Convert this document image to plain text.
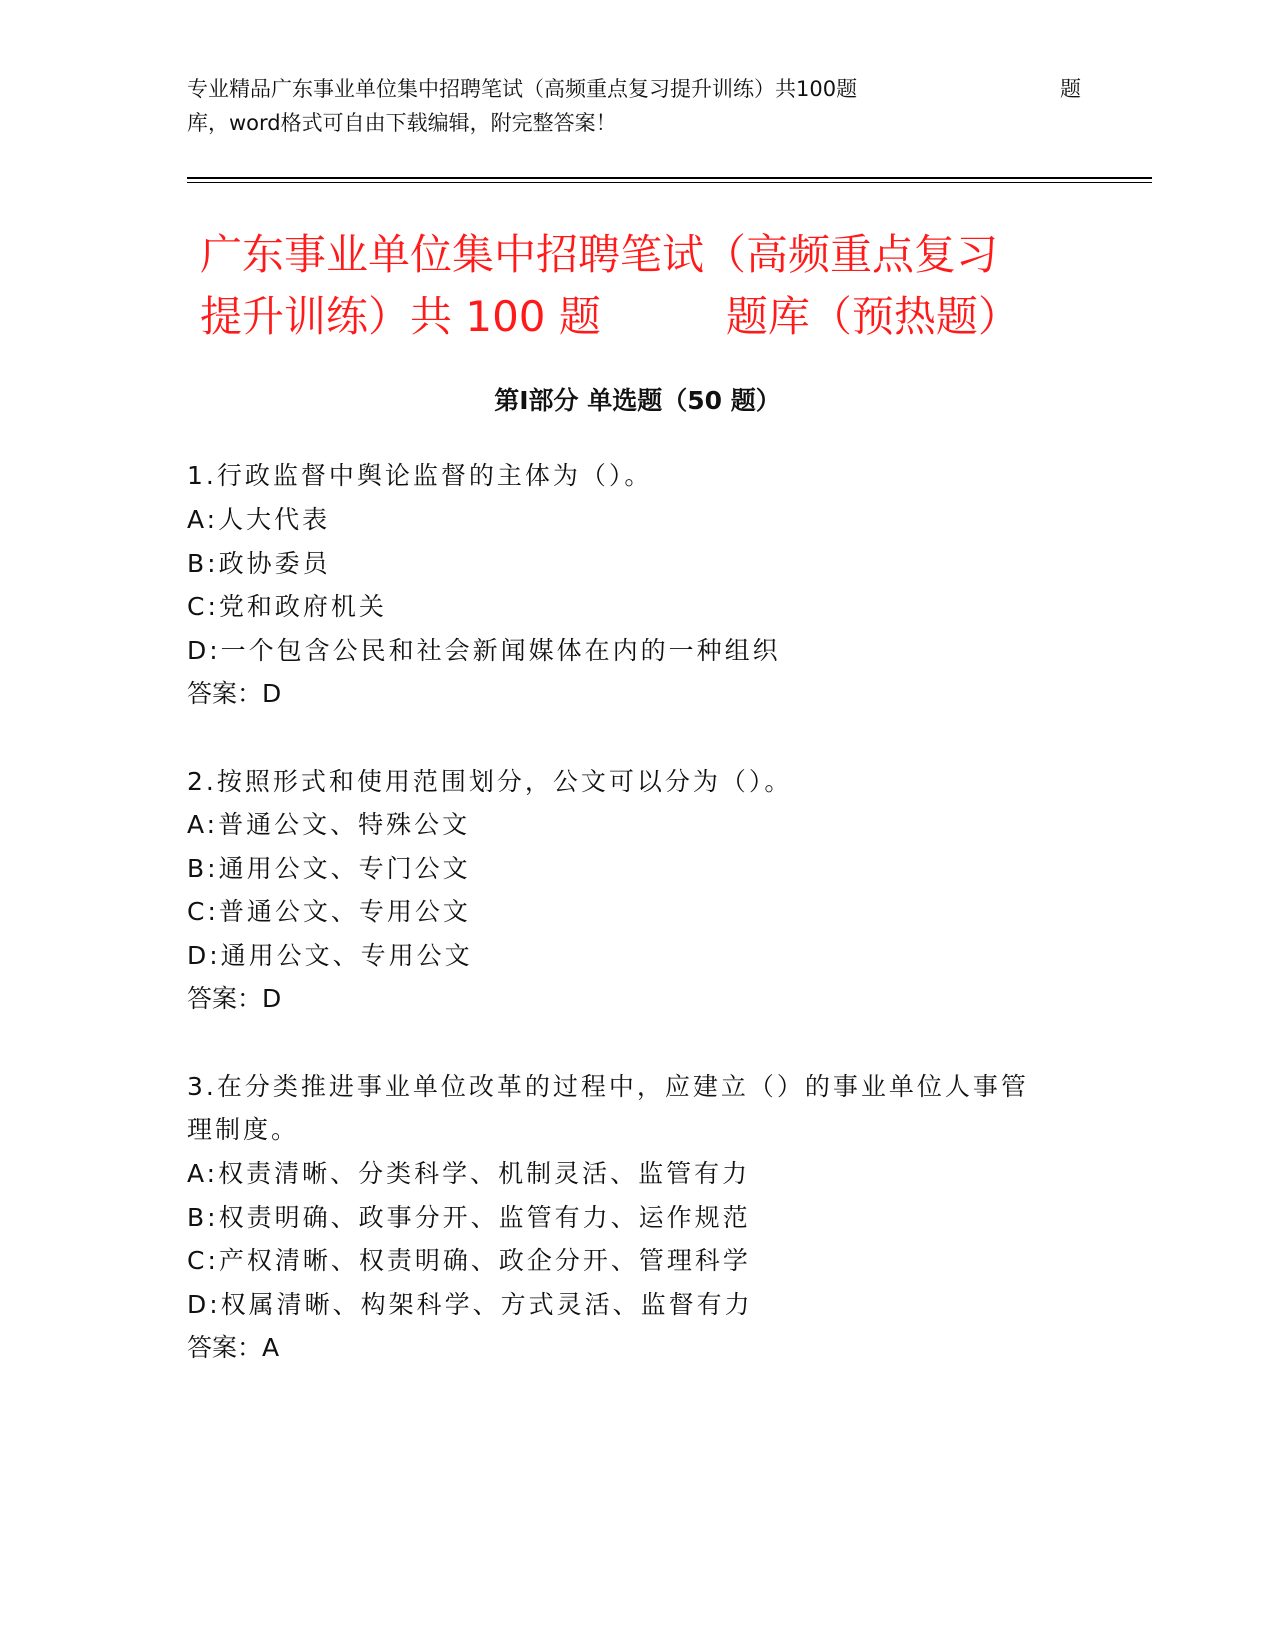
专业精品广东事业单位集中招聘笔试（高频重点复习提升训练）共100题	题
库，word格式可自由下载编辑，附完整答案！
广东事业单位集中招聘笔试（高频重点复习
提升训练）共 100 题	题库（预热题）
第Ⅰ部分 单选题（50 题）
1.行政监督中舆论监督的主体为（）。
A:人大代表
B:政协委员
C:党和政府机关
D:一个包含公民和社会新闻媒体在内的一种组织
答案：D
2.按照形式和使用范围划分，公文可以分为（）。
A:普通公文、特殊公文
B:通用公文、专门公文
C:普通公文、专用公文
D:通用公文、专用公文
答案：D
3.在分类推进事业单位改革的过程中，应建立（）的事业单位人事管
理制度。
A:权责清晰、分类科学、机制灵活、监管有力
B:权责明确、政事分开、监管有力、运作规范
C:产权清晰、权责明确、政企分开、管理科学
D:权属清晰、构架科学、方式灵活、监督有力
答案：A
